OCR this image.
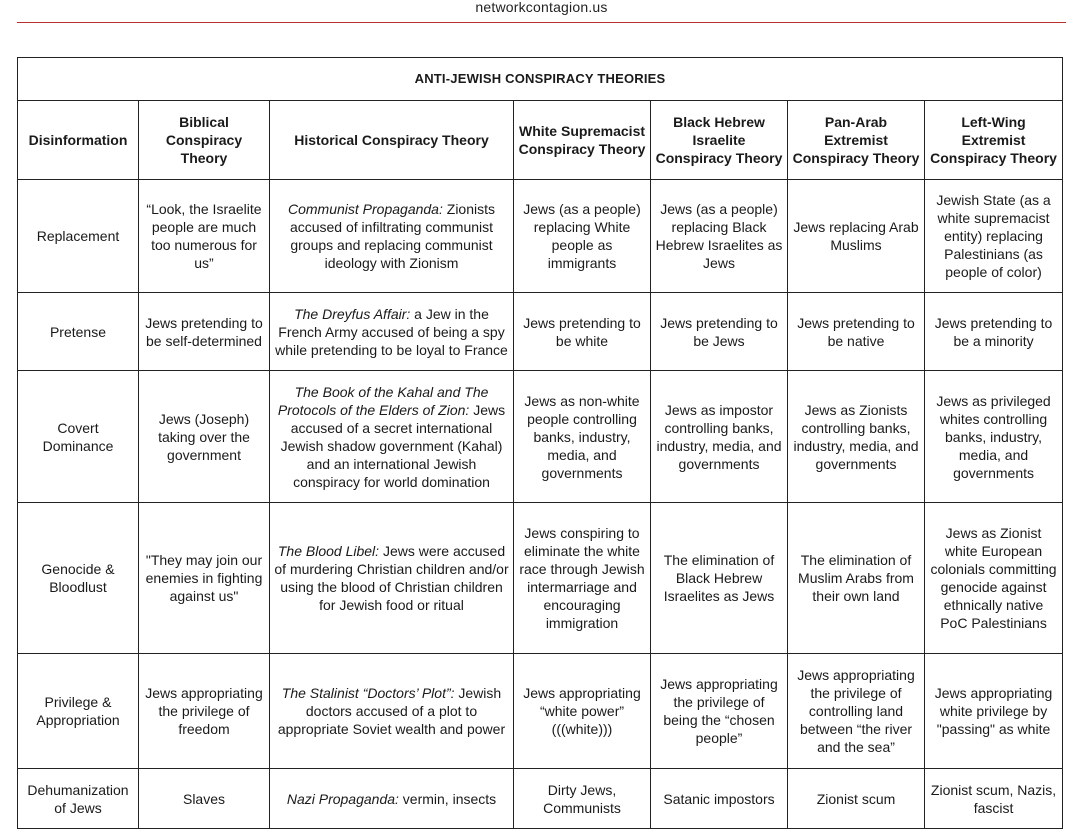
networkcontagion.us
ANTI-JEWISH CONSPIRACY THEORIES						
Disinformation	Biblical Conspiracy Theory	Historical Conspiracy Theory	White Supremacist Conspiracy Theory	Black Hebrew Israelite Conspiracy Theory	Pan-Arab Extremist Conspiracy Theory	Left-Wing Extremist Conspiracy Theory
Replacement	“Look, the Israelite people are much too numerous for us”	Communist Propaganda: Zionists accused of infiltrating communist groups and replacing communist ideology with Zionism	Jews (as a people) replacing White people as immigrants	Jews (as a people) replacing Black Hebrew Israelites as Jews	Jews replacing Arab Muslims	Jewish State (as a white supremacist entity) replacing Palestinians (as people of color)
Pretense	Jews pretending to be self-determined	The Dreyfus Affair: a Jew in the French Army accused of being a spy while pretending to be loyal to France	Jews pretending to be white	Jews pretending to be Jews	Jews pretending to be native	Jews pretending to be a minority
Covert Dominance	Jews (Joseph) taking over the government	The Book of the Kahal and The Protocols of the Elders of Zion: Jews accused of a secret international Jewish shadow government (Kahal) and an international Jewish conspiracy for world domination	Jews as non-white people controlling banks, industry, media, and governments	Jews as impostor controlling banks, industry, media, and governments	Jews as Zionists controlling banks, industry, media, and governments	Jews as privileged whites controlling banks, industry, media, and governments
Genocide & Bloodlust	"They may join our enemies in fighting against us"	The Blood Libel: Jews were accused of murdering Christian children and/or using the blood of Christian children for Jewish food or ritual	Jews conspiring to eliminate the white race through Jewish intermarriage and encouraging immigration	The elimination of Black Hebrew Israelites as Jews	The elimination of Muslim Arabs from their own land	Jews as Zionist white European colonials committing genocide against ethnically native PoC Palestinians
Privilege & Appropriation	Jews appropriating the privilege of freedom	The Stalinist “Doctors’ Plot”: Jewish doctors accused of a plot to appropriate Soviet wealth and power	Jews appropriating “white power” (((white)))	Jews appropriating the privilege of being the “chosen people”	Jews appropriating the privilege of controlling land between “the river and the sea”	Jews appropriating white privilege by "passing" as white
Dehumanization of Jews	Slaves	Nazi Propaganda: vermin, insects	Dirty Jews, Communists	Satanic impostors	Zionist scum	Zionist scum, Nazis, fascist
